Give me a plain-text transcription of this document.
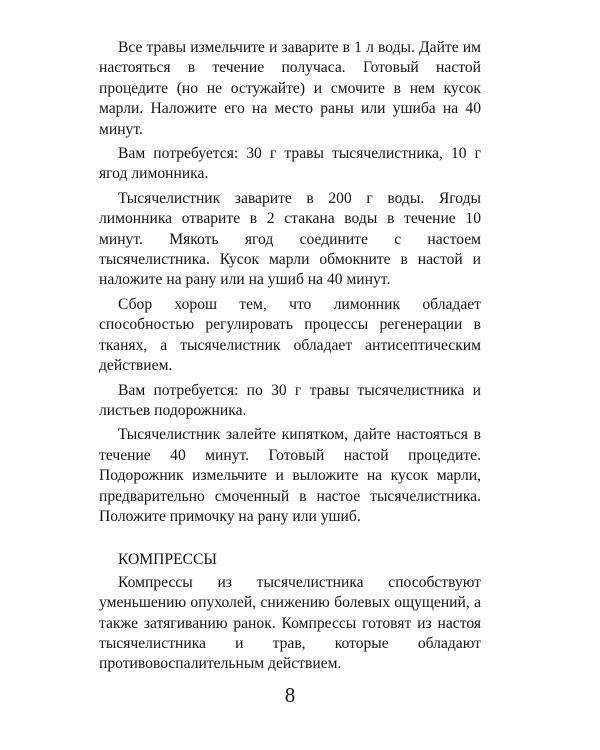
Все травы измельчите и заварите в 1 л воды. Дайте им настояться в течение получаса. Готовый настой процедите (но не остужайте) и смочите в нем кусок марли. Наложите его на место раны или ушиба на 40 минут.

Вам потребуется: 30 г травы тысячелистника, 10 г ягод лимонника.

Тысячелистник заварите в 200 г воды. Ягоды лимонника отварите в 2 стакана воды в течение 10 минут. Мякоть ягод соедините с настоем тысячелистника. Кусок марли обмокните в настой и наложите на рану или на ушиб на 40 минут.

Сбор хорош тем, что лимонник обладает способностью регулировать процессы регенерации в тканях, а тысячелистник обладает антисептическим действием.

Вам потребуется: по 30 г травы тысячелистника и листьев подорожника.

Тысячелистник залейте кипятком, дайте настояться в течение 40 минут. Готовый настой процедите. Подорожник измельчите и выложите на кусок марли, предварительно смоченный в настое тысячелистника. Положите примочку на рану или ушиб.

КОМПРЕССЫ

Компрессы из тысячелистника способствуют уменьшению опухолей, снижению болевых ощущений, а также затягиванию ранок. Компрессы готовят из настоя тысячелистника и трав, которые обладают противовоспалительным действием.

8
